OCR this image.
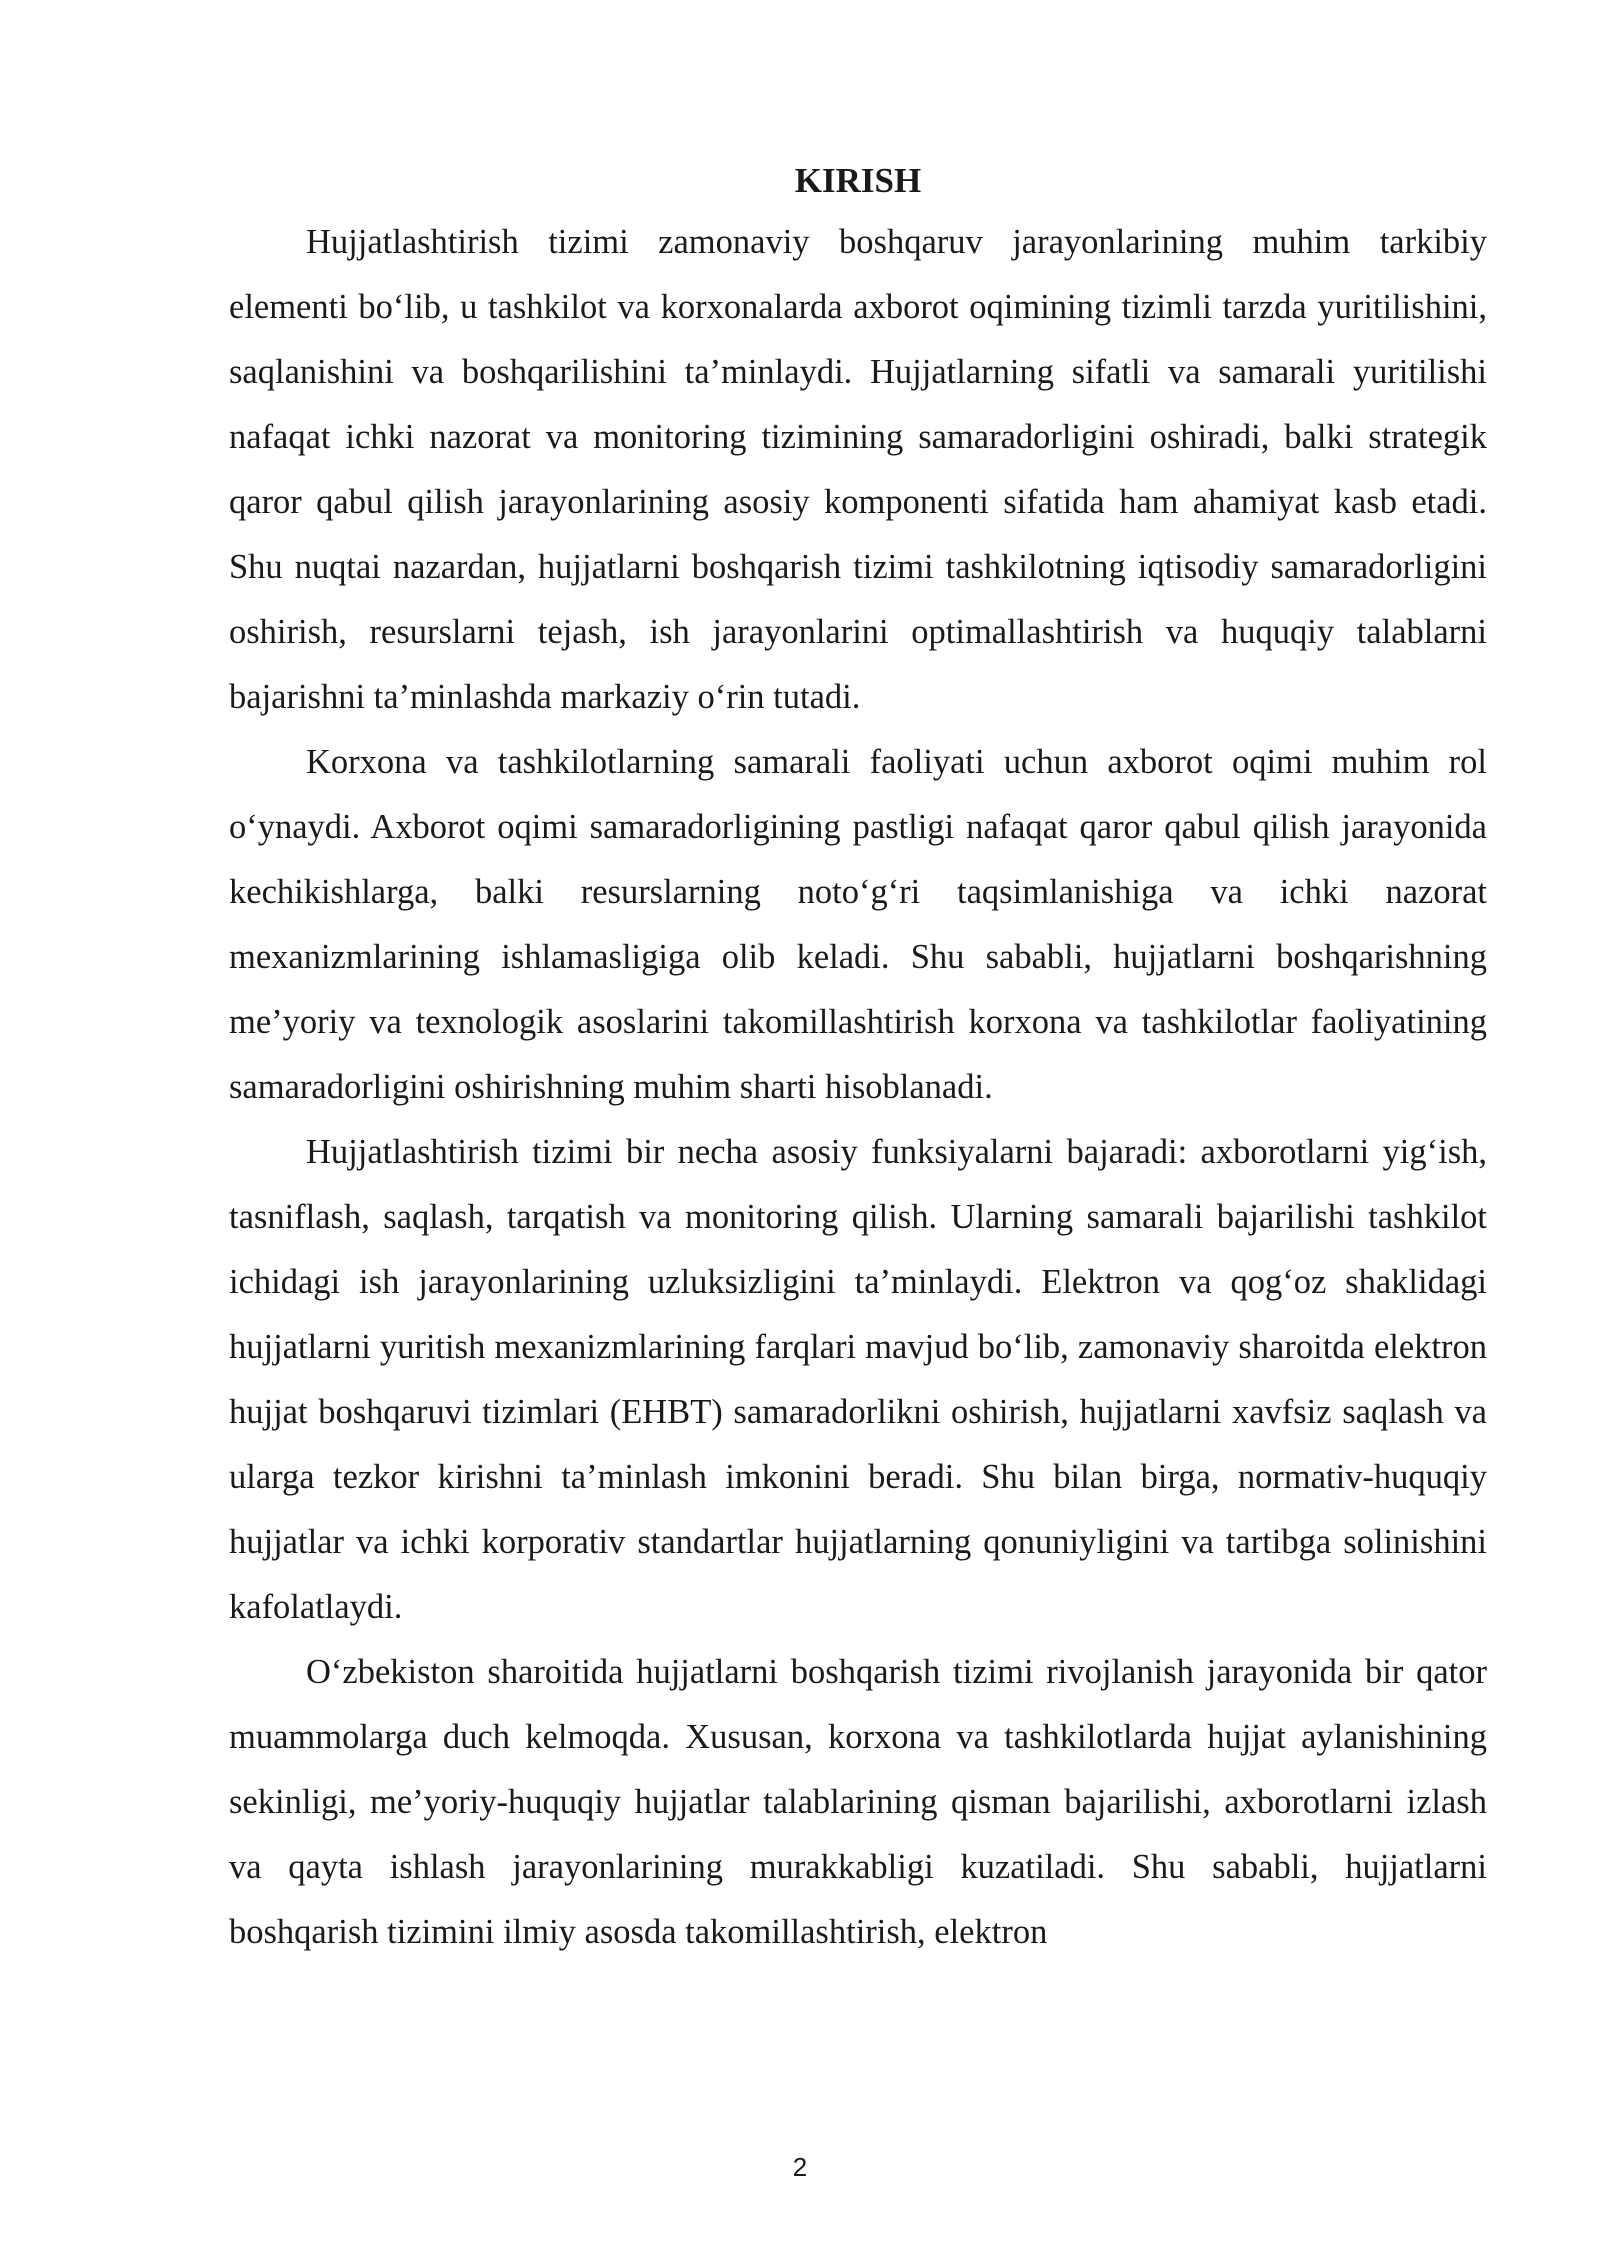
KIRISH

Hujjatlashtirish tizimi zamonaviy boshqaruv jarayonlarining muhim tarkibiy elementi bo‘lib, u tashkilot va korxonalarda axborot oqimining tizimli tarzda yuritilishini, saqlanishini va boshqarilishini ta’minlaydi. Hujjatlarning sifatli va samarali yuritilishi nafaqat ichki nazorat va monitoring tizimining samaradorligini oshiradi, balki strategik qaror qabul qilish jarayonlarining asosiy komponenti sifatida ham ahamiyat kasb etadi. Shu nuqtai nazardan, hujjatlarni boshqarish tizimi tashkilotning iqtisodiy samaradorligini oshirish, resurslarni tejash, ish jarayonlarini optimallashtirish va huquqiy talablarni bajarishni ta’minlashda markaziy o‘rin tutadi.

Korxona va tashkilotlarning samarali faoliyati uchun axborot oqimi muhim rol o‘ynaydi. Axborot oqimi samaradorligining pastligi nafaqat qaror qabul qilish jarayonida kechikishlarga, balki resurslarning noto‘g‘ri taqsimlanishiga va ichki nazorat mexanizmlarining ishlamasligiga olib keladi. Shu sababli, hujjatlarni boshqarishning me’yoriy va texnologik asoslarini takomillashtirish korxona va tashkilotlar faoliyatining samaradorligini oshirishning muhim sharti hisoblanadi.

Hujjatlashtirish tizimi bir necha asosiy funksiyalarni bajaradi: axborotlarni yig‘ish, tasniflash, saqlash, tarqatish va monitoring qilish. Ularning samarali bajarilishi tashkilot ichidagi ish jarayonlarining uzluksizligini ta’minlaydi. Elektron va qog‘oz shaklidagi hujjatlarni yuritish mexanizmlarining farqlari mavjud bo‘lib, zamonaviy sharoitda elektron hujjat boshqaruvi tizimlari (EHBT) samaradorlikni oshirish, hujjatlarni xavfsiz saqlash va ularga tezkor kirishni ta’minlash imkonini beradi. Shu bilan birga, normativ-huquqiy hujjatlar va ichki korporativ standartlar hujjatlarning qonuniyligini va tartibga solinishini kafolatlaydi.

O‘zbekiston sharoitida hujjatlarni boshqarish tizimi rivojlanish jarayonida bir qator muammolarga duch kelmoqda. Xususan, korxona va tashkilotlarda hujjat aylanishining sekinligi, me’yoriy-huquqiy hujjatlar talablarining qisman bajarilishi, axborotlarni izlash va qayta ishlash jarayonlarining murakkabligi kuzatiladi. Shu sababli, hujjatlarni boshqarish tizimini ilmiy asosda takomillashtirish, elektron

2
